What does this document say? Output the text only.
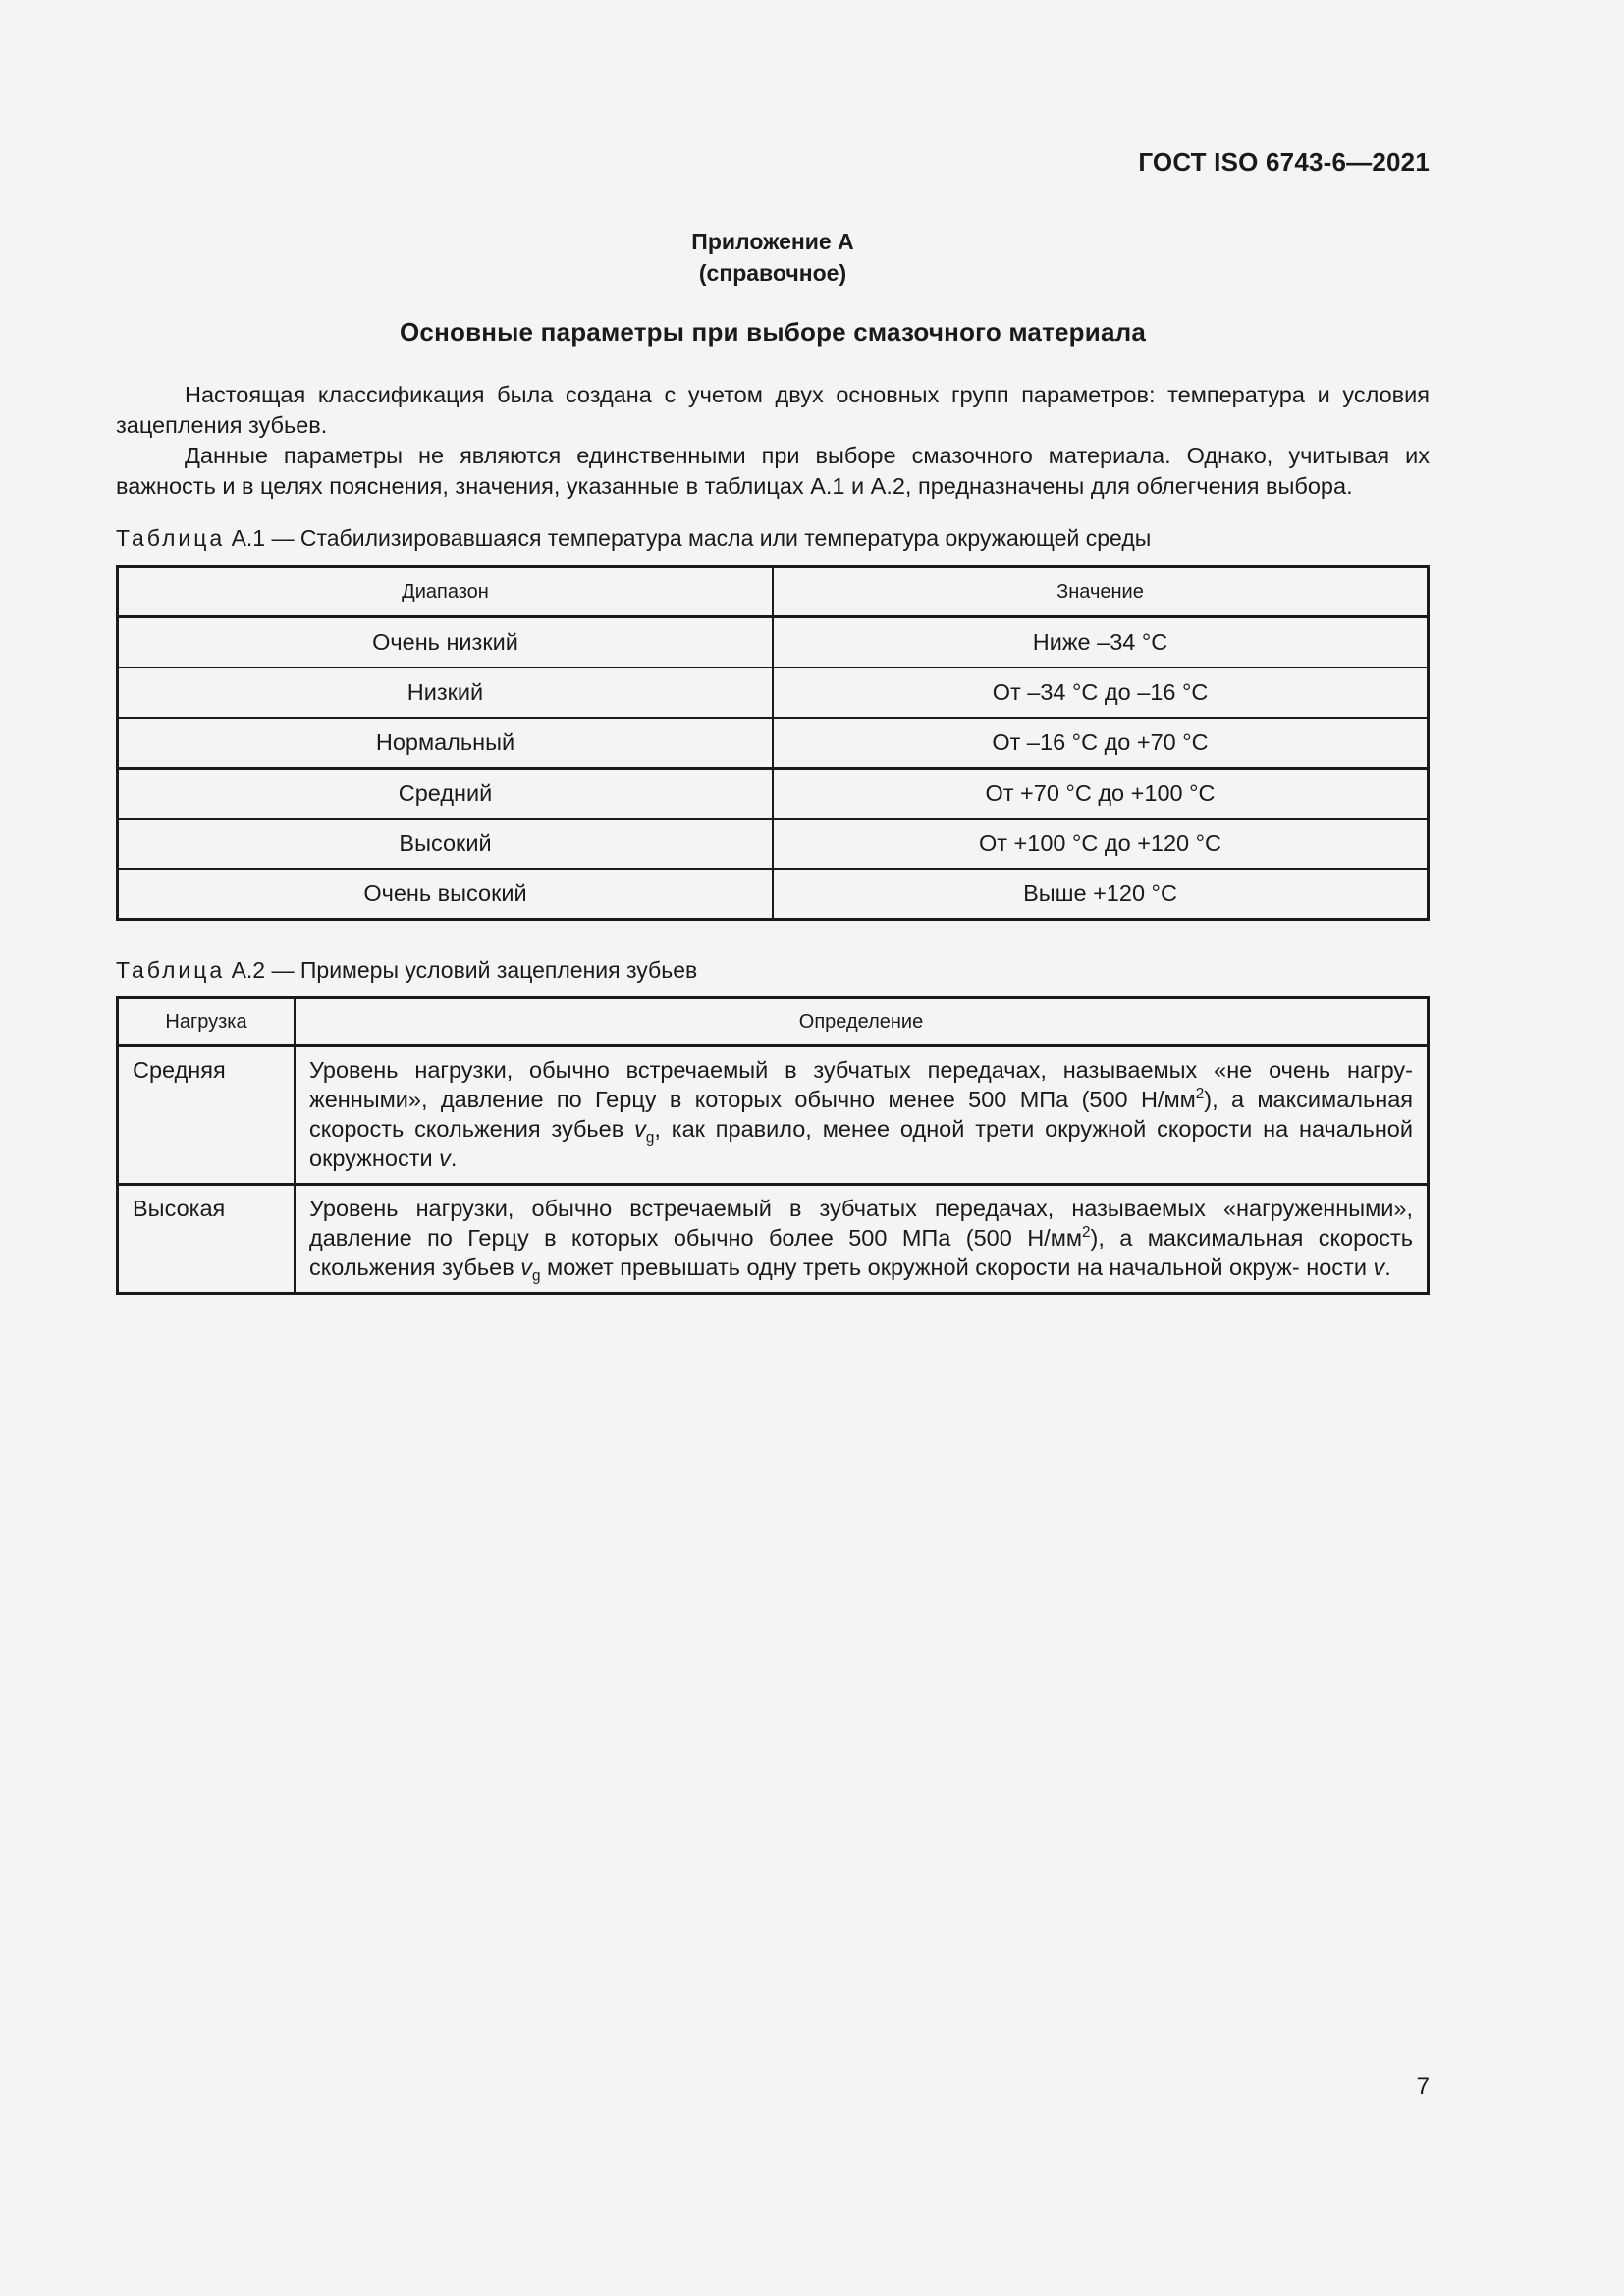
ГОСТ ISO 6743-6—2021
Приложение А
(справочное)
Основные параметры при выборе смазочного материала

Настоящая классификация была создана с учетом двух основных групп параметров: температура и условия зацепления зубьев.

Данные параметры не являются единственными при выборе смазочного материала. Однако, учитывая их важность и в целях пояснения, значения, указанные в таблицах А.1 и А.2, предназначены для облегчения выбора.

Таблица А.1 — Стабилизировавшаяся температура масла или температура окружающей среды
Диапазон	Значение
Очень низкий	Ниже –34 °С
Низкий	От –34 °С до –16 °С
Нормальный	От –16 °С до +70 °С
Средний	От +70 °С до +100 °С
Высокий	От +100 °С до +120 °С
Очень высокий	Выше +120 °С
Таблица А.2 — Примеры условий зацепления зубьев
Нагрузка	Определение
Средняя	Уровень нагрузки, обычно встречаемый в зубчатых передачах, называемых «не очень нагру- женными», давление по Герцу в которых обычно менее 500 МПа (500 $Н/мм^2$), а максимальная скорость скольжения зубьев $v_g$, как правило, менее одной трети окружной скорости на начальной окружности v.
Высокая	Уровень нагрузки, обычно встречаемый в зубчатых передачах, называемых «нагруженными», давление по Герцу в которых обычно более 500 МПа (500 $Н/мм^2$), а максимальная скорость скольжения зубьев $v_g$ может превышать одну треть окружной скорости на начальной окруж- ности v.
7
